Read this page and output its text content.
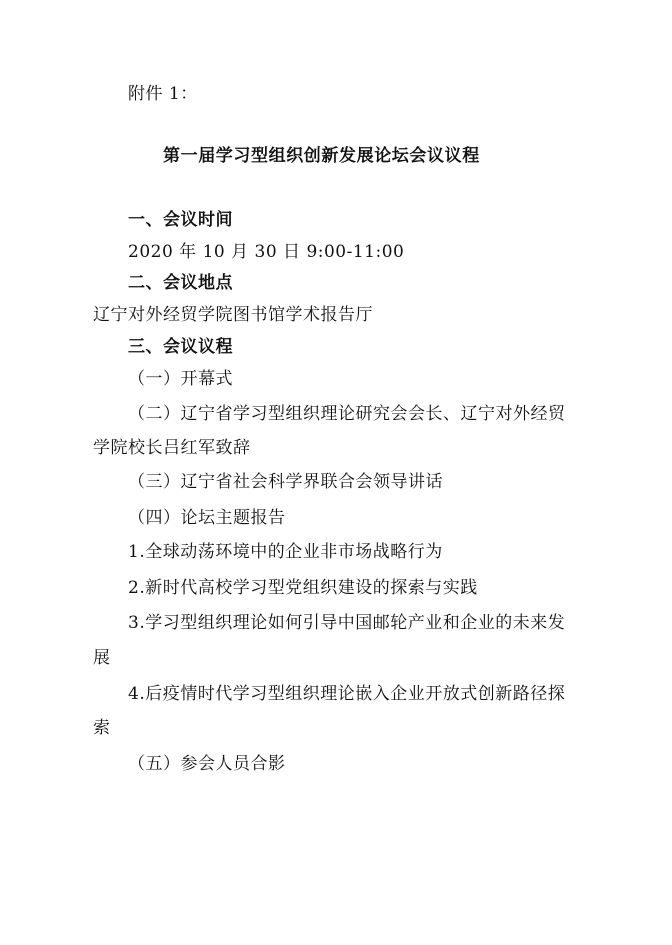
附件 1：
第一届学习型组织创新发展论坛会议议程
一、会议时间
2020 年 10 月 30 日 9:00-11:00
二、会议地点
辽宁对外经贸学院图书馆学术报告厅
三、会议议程
（一）开幕式
（二）辽宁省学习型组织理论研究会会长、辽宁对外经贸
学院校长吕红军致辞
（三）辽宁省社会科学界联合会领导讲话
（四）论坛主题报告
1.全球动荡环境中的企业非市场战略行为
2.新时代高校学习型党组织建设的探索与实践
3.学习型组织理论如何引导中国邮轮产业和企业的未来发
展
4.后疫情时代学习型组织理论嵌入企业开放式创新路径探
索
（五）参会人员合影
